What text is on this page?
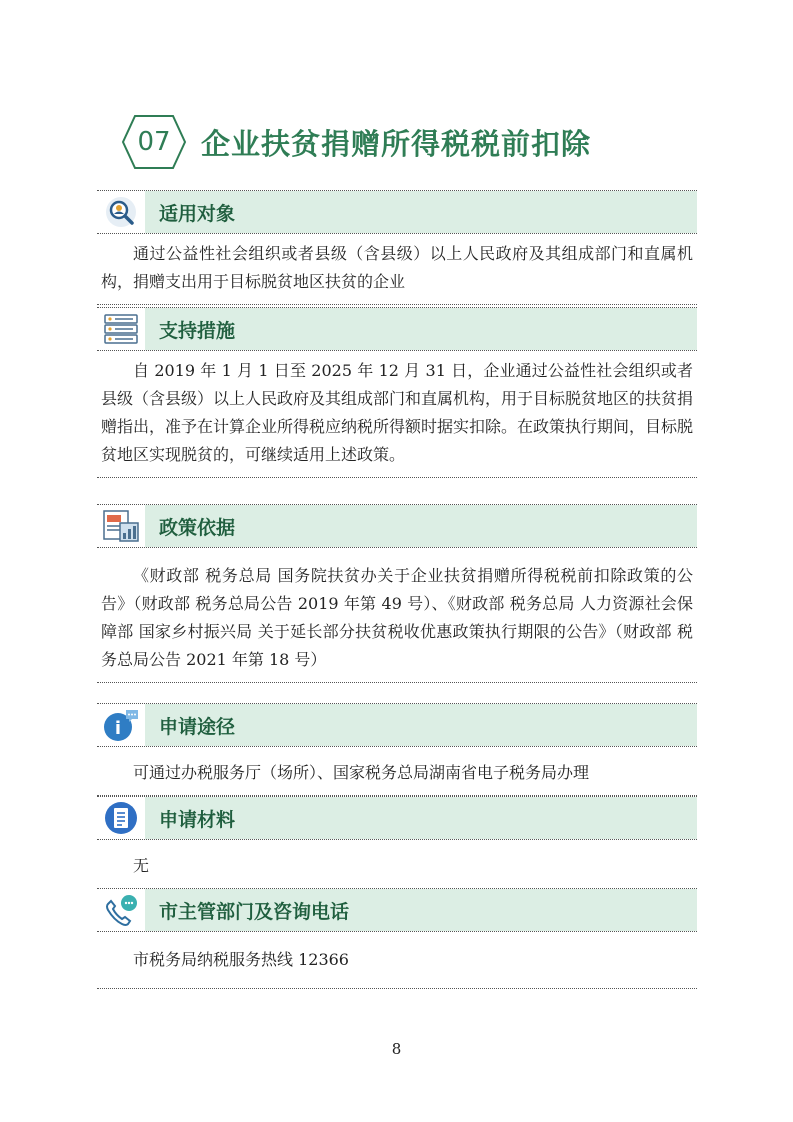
07	企业扶贫捐赠所得税税前扣除
适用对象

通过公益性社会组织或者县级（含县级）以上人民政府及其组成部门和直属机构，捐赠支出用于目标脱贫地区扶贫的企业

支持措施

自 2019 年 1 月 1 日至 2025 年 12 月 31 日，企业通过公益性社会组织或者县级（含县级）以上人民政府及其组成部门和直属机构，用于目标脱贫地区的扶贫捐赠指出，准予在计算企业所得税应纳税所得额时据实扣除。在政策执行期间，目标脱贫地区实现脱贫的，可继续适用上述政策。

政策依据

《财政部 税务总局 国务院扶贫办关于企业扶贫捐赠所得税税前扣除政策的公告》（财政部 税务总局公告 2019 年第 49 号）、《财政部 税务总局 人力资源社会保障部 国家乡村振兴局 关于延长部分扶贫税收优惠政策执行期限的公告》（财政部 税务总局公告 2021 年第 18 号）

i 申请途径

可通过办税服务厅（场所）、国家税务总局湖南省电子税务局办理

申请材料

无

市主管部门及咨询电话

市税务局纳税服务热线 12366

8
